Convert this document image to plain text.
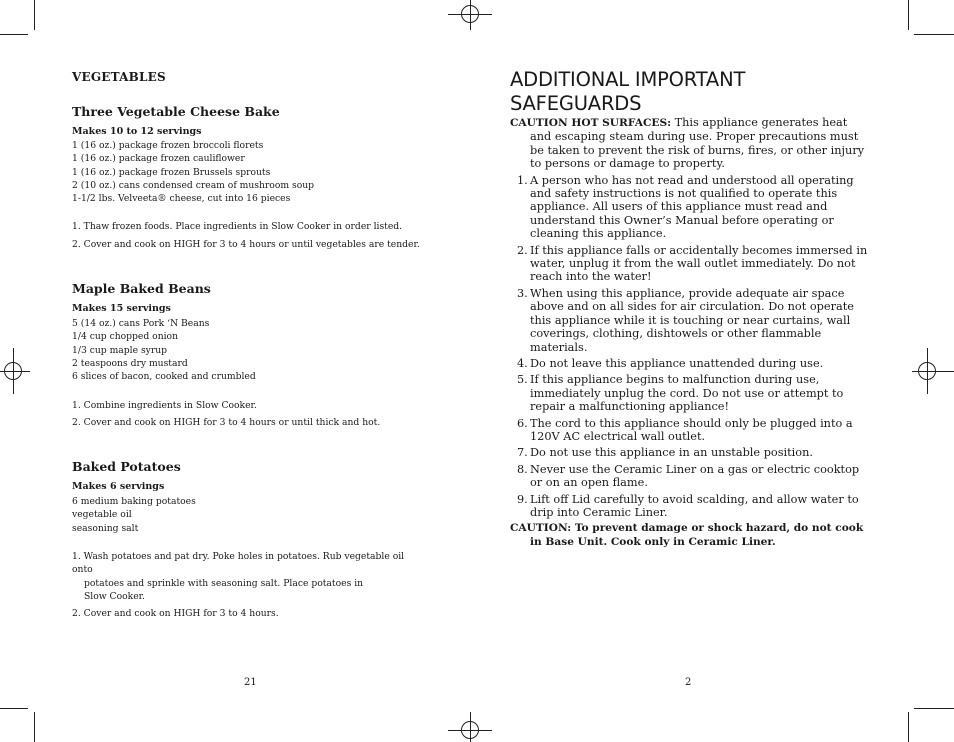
VEGETABLES

Three Vegetable Cheese Bake

Makes 10 to 12 servings

1 (16 oz.) package frozen broccoli florets

1 (16 oz.) package frozen cauliflower

1 (16 oz.) package frozen Brussels sprouts

2 (10 oz.) cans condensed cream of mushroom soup

1-1/2 lbs. Velveeta® cheese, cut into 16 pieces

1. Thaw frozen foods. Place ingredients in Slow Cooker in order listed.

2. Cover and cook on HIGH for 3 to 4 hours or until vegetables are tender.

Maple Baked Beans

Makes 15 servings

5 (14 oz.) cans Pork ‘N Beans

1/4 cup chopped onion

1/3 cup maple syrup

2 teaspoons dry mustard

6 slices of bacon, cooked and crumbled

1. Combine ingredients in Slow Cooker.

2. Cover and cook on HIGH for 3 to 4 hours or until thick and hot.

Baked Potatoes

Makes 6 servings

6 medium baking potatoes

vegetable oil

seasoning salt

1. Wash potatoes and pat dry. Poke holes in potatoes. Rub vegetable oil onto

potatoes and sprinkle with seasoning salt. Place potatoes in

Slow Cooker.

2. Cover and cook on HIGH for 3 to 4 hours.

21
ADDITIONAL IMPORTANT SAFEGUARDS

CAUTION HOT SURFACES: This appliance generates heat and escaping steam during use. Proper precautions must be taken to prevent the risk of burns, fires, or other injury to persons or damage to property.

1. A person who has not read and understood all operating and safety instructions is not qualified to operate this appliance. All users of this appliance must read and understand this Owner’s Manual before operating or cleaning this appliance.

2. If this appliance falls or accidentally becomes immersed in water, unplug it from the wall outlet immediately. Do not reach into the water!

3. When using this appliance, provide adequate air space above and on all sides for air circulation. Do not operate this appliance while it is touching or near curtains, wall coverings, clothing, dishtowels or other flammable materials.

4. Do not leave this appliance unattended during use.

5. If this appliance begins to malfunction during use, immediately unplug the cord. Do not use or attempt to repair a malfunctioning appliance!

6. The cord to this appliance should only be plugged into a 120V AC electrical wall outlet.

7. Do not use this appliance in an unstable position.

8. Never use the Ceramic Liner on a gas or electric cooktop or on an open flame.

9. Lift off Lid carefully to avoid scalding, and allow water to drip into Ceramic Liner.

CAUTION: To prevent damage or shock hazard, do not cook in Base Unit. Cook only in Ceramic Liner.

2
